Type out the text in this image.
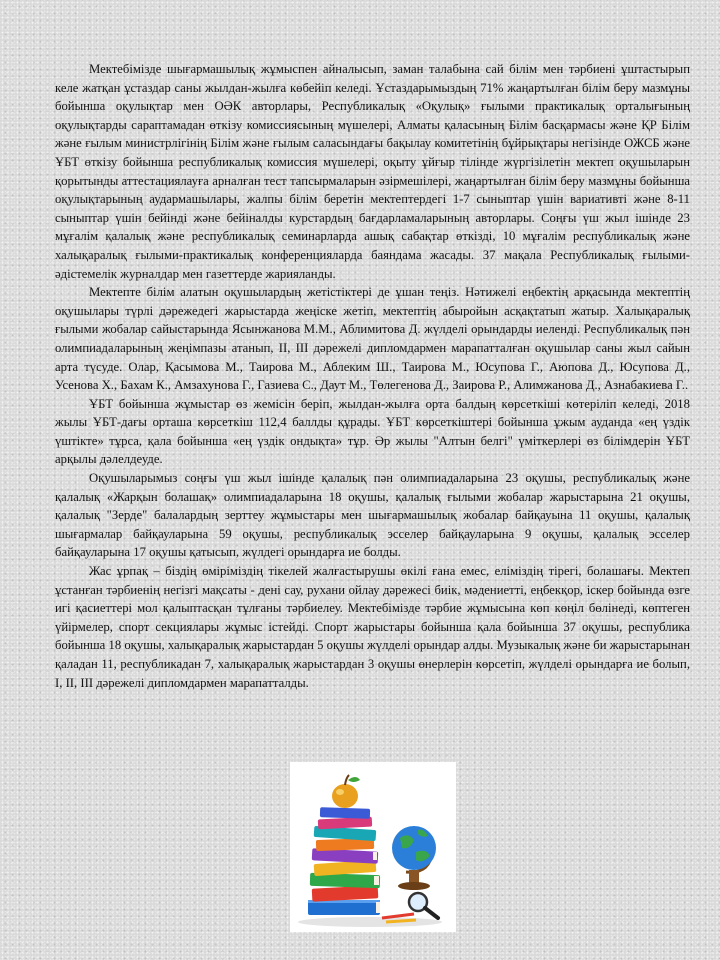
Мектебімізде шығармашылық жұмыспен айналысып, заман талабына сай білім мен тәрбиені ұштастырып келе жатқан ұстаздар саны жылдан-жылға көбейіп келеді. Ұстаздарымыздың 71% жаңартылған білім беру мазмұны бойынша оқулықтар мен ОӘК авторлары, Республикалық «Оқулық» ғылыми практикалық орталығының оқулықтарды сараптамадан өткізу комиссиясының мүшелері, Алматы қаласының Білім басқармасы және ҚР Білім және ғылым министрлігінің Білім және ғылым саласындағы бақылау комитетінің бұйрықтары негізінде ОЖСБ және ҰБТ өткізу бойынша республикалық комиссия мүшелері, оқыту ұйғыр тілінде жүргізілетін мектеп оқушыларын қорытынды аттестациялауға арналған тест тапсырмаларын әзірмешілері, жаңартылған білім беру мазмұны бойынша оқулықтарының аудармашылары, жалпы білім беретін мектептердегі 1-7 сыныптар үшін вариативті және 8-11 сыныптар үшін бейінді және бейіналды курстардың бағдарламаларының авторлары. Соңғы үш жыл ішінде 23 мұғалім қалалық және республикалық семинарларда ашық сабақтар өткізді, 10 мұғалім республикалық және халықаралық ғылыми-практикалық конференцияларда баяндама жасады. 37 мақала Республикалық ғылыми-әдістемелік журналдар мен газеттерде жарияланды.

Мектепте білім алатын оқушылардың жетістіктері де ұшан теңіз. Нәтижелі еңбектің арқасында мектептің оқушылары түрлі дәрежедегі жарыстарда жеңіске жетіп, мектептің абыройын асқақтатып жатыр. Халықаралық ғылыми жобалар сайыстарында Ясынжанова М.М., Аблимитова Д. жүлделі орындарды иеленді. Республикалық пән олимпиадаларының жеңімпазы атанып, ІІ, ІІІ дәрежелі дипломдармен марапатталған оқушылар саны жыл сайын арта түсуде. Олар, Қасымова М., Таирова М., Аблеким Ш., Таирова М., Юсупова Г., Аюпова Д., Юсупова Д., Усенова Х., Бахам К., Амзахунова Г., Газиева С., Даут М., Төлегенова Д., Заирова Р., Алимжанова Д., Азнабакиева Г..

ҰБТ бойынша жұмыстар өз жемісін беріп, жылдан-жылға орта балдың көрсеткіші көтеріліп келеді, 2018 жылы ҰБТ-дағы орташа көрсеткіш 112,4 баллды құрады. ҰБТ көрсеткіштері бойынша ұжым ауданда «ең үздік үштікте» тұрса, қала бойынша «ең үздік ондықта» тұр. Әр жылы "Алтын белгі" үміткерлері өз білімдерін ҰБТ арқылы дәлелдеуде.

Оқушыларымыз соңғы үш жыл ішінде қалалық пән олимпиадаларына 23 оқушы, республикалық және қалалық «Жарқын болашақ» олимпиадаларына 18 оқушы, қалалық ғылыми жобалар жарыстарына 21 оқушы, қалалық "Зерде" балалардың зерттеу жұмыстары мен шығармашылық жобалар байқауына 11 оқушы, қалалық шығармалар байқауларына 59 оқушы, республикалық эсселер байқауларына 9 оқушы, қалалық эсселер байқауларына 17 оқушы қатысып, жүлдегі орындарға ие болды.

Жас ұрпақ – біздің өміріміздің тікелей жалғастырушы өкілі ғана емес, еліміздің тірегі, болашағы. Мектеп ұстанған тәрбиенің негізгі мақсаты - дені сау, рухани ойлау дәрежесі биік, мәдениетті, еңбекқор, іскер бойында өзге игі қасиеттері мол қалыптасқан тұлғаны тәрбиелеу. Мектебімізде тәрбие жұмысына көп көңіл бөлінеді, көптеген үйірмелер, спорт секциялары жұмыс істейді. Спорт жарыстары бойынша қала бойынша 37 оқушы, республика бойынша 18 оқушы, халықаралық жарыстардан 5 оқушы жүлделі орындар алды. Музыкалық және би жарыстарынан қаладан 11, республикадан 7, халықаралық жарыстардан 3 оқушы өнерлерін көрсетіп, жүлделі орындарға ие болып, І, ІІ, ІІІ дәрежелі дипломдармен марапатталды.
